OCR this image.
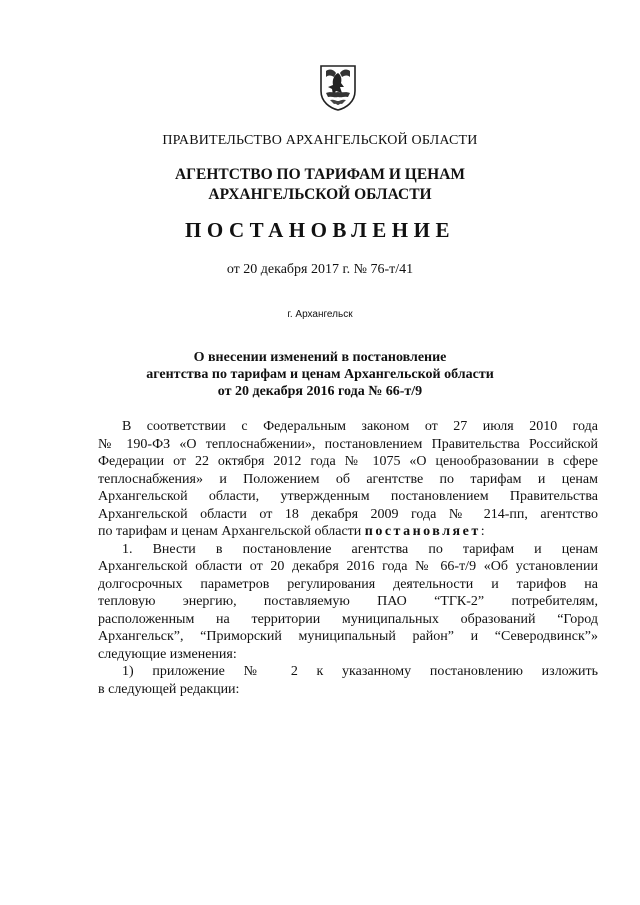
ПРАВИТЕЛЬСТВО АРХАНГЕЛЬСКОЙ ОБЛАСТИ
АГЕНТСТВО ПО ТАРИФАМ И ЦЕНАМ
АРХАНГЕЛЬСКОЙ ОБЛАСТИ
ПОСТАНОВЛЕНИЕ
от 20 декабря 2017 г. № 76-т/41
г. Архангельск
О внесении изменений в постановление
агентства по тарифам и ценам Архангельской области
от 20 декабря 2016 года № 66-т/9

В соответствии с Федеральным законом от 27 июля 2010 года
№ 190-ФЗ «О теплоснабжении», постановлением Правительства Российской
Федерации от 22 октября 2012 года № 1075 «О ценообразовании в сфере
теплоснабжения» и Положением об агентстве по тарифам и ценам
Архангельской области, утвержденным постановлением Правительства
Архангельской области от 18 декабря 2009 года № 214-пп, агентство
по тарифам и ценам Архангельской области постановляет:

1. Внести в постановление агентства по тарифам и ценам
Архангельской области от 20 декабря 2016 года № 66-т/9 «Об установлении
долгосрочных параметров регулирования деятельности и тарифов на
тепловую энергию, поставляемую ПАО “ТГК-2” потребителям,
расположенным на территории муниципальных образований “Город
Архангельск”, “Приморский муниципальный район” и “Северодвинск”»
следующие изменения:

1) приложение № 2 к указанному постановлению изложить
в следующей редакции:
